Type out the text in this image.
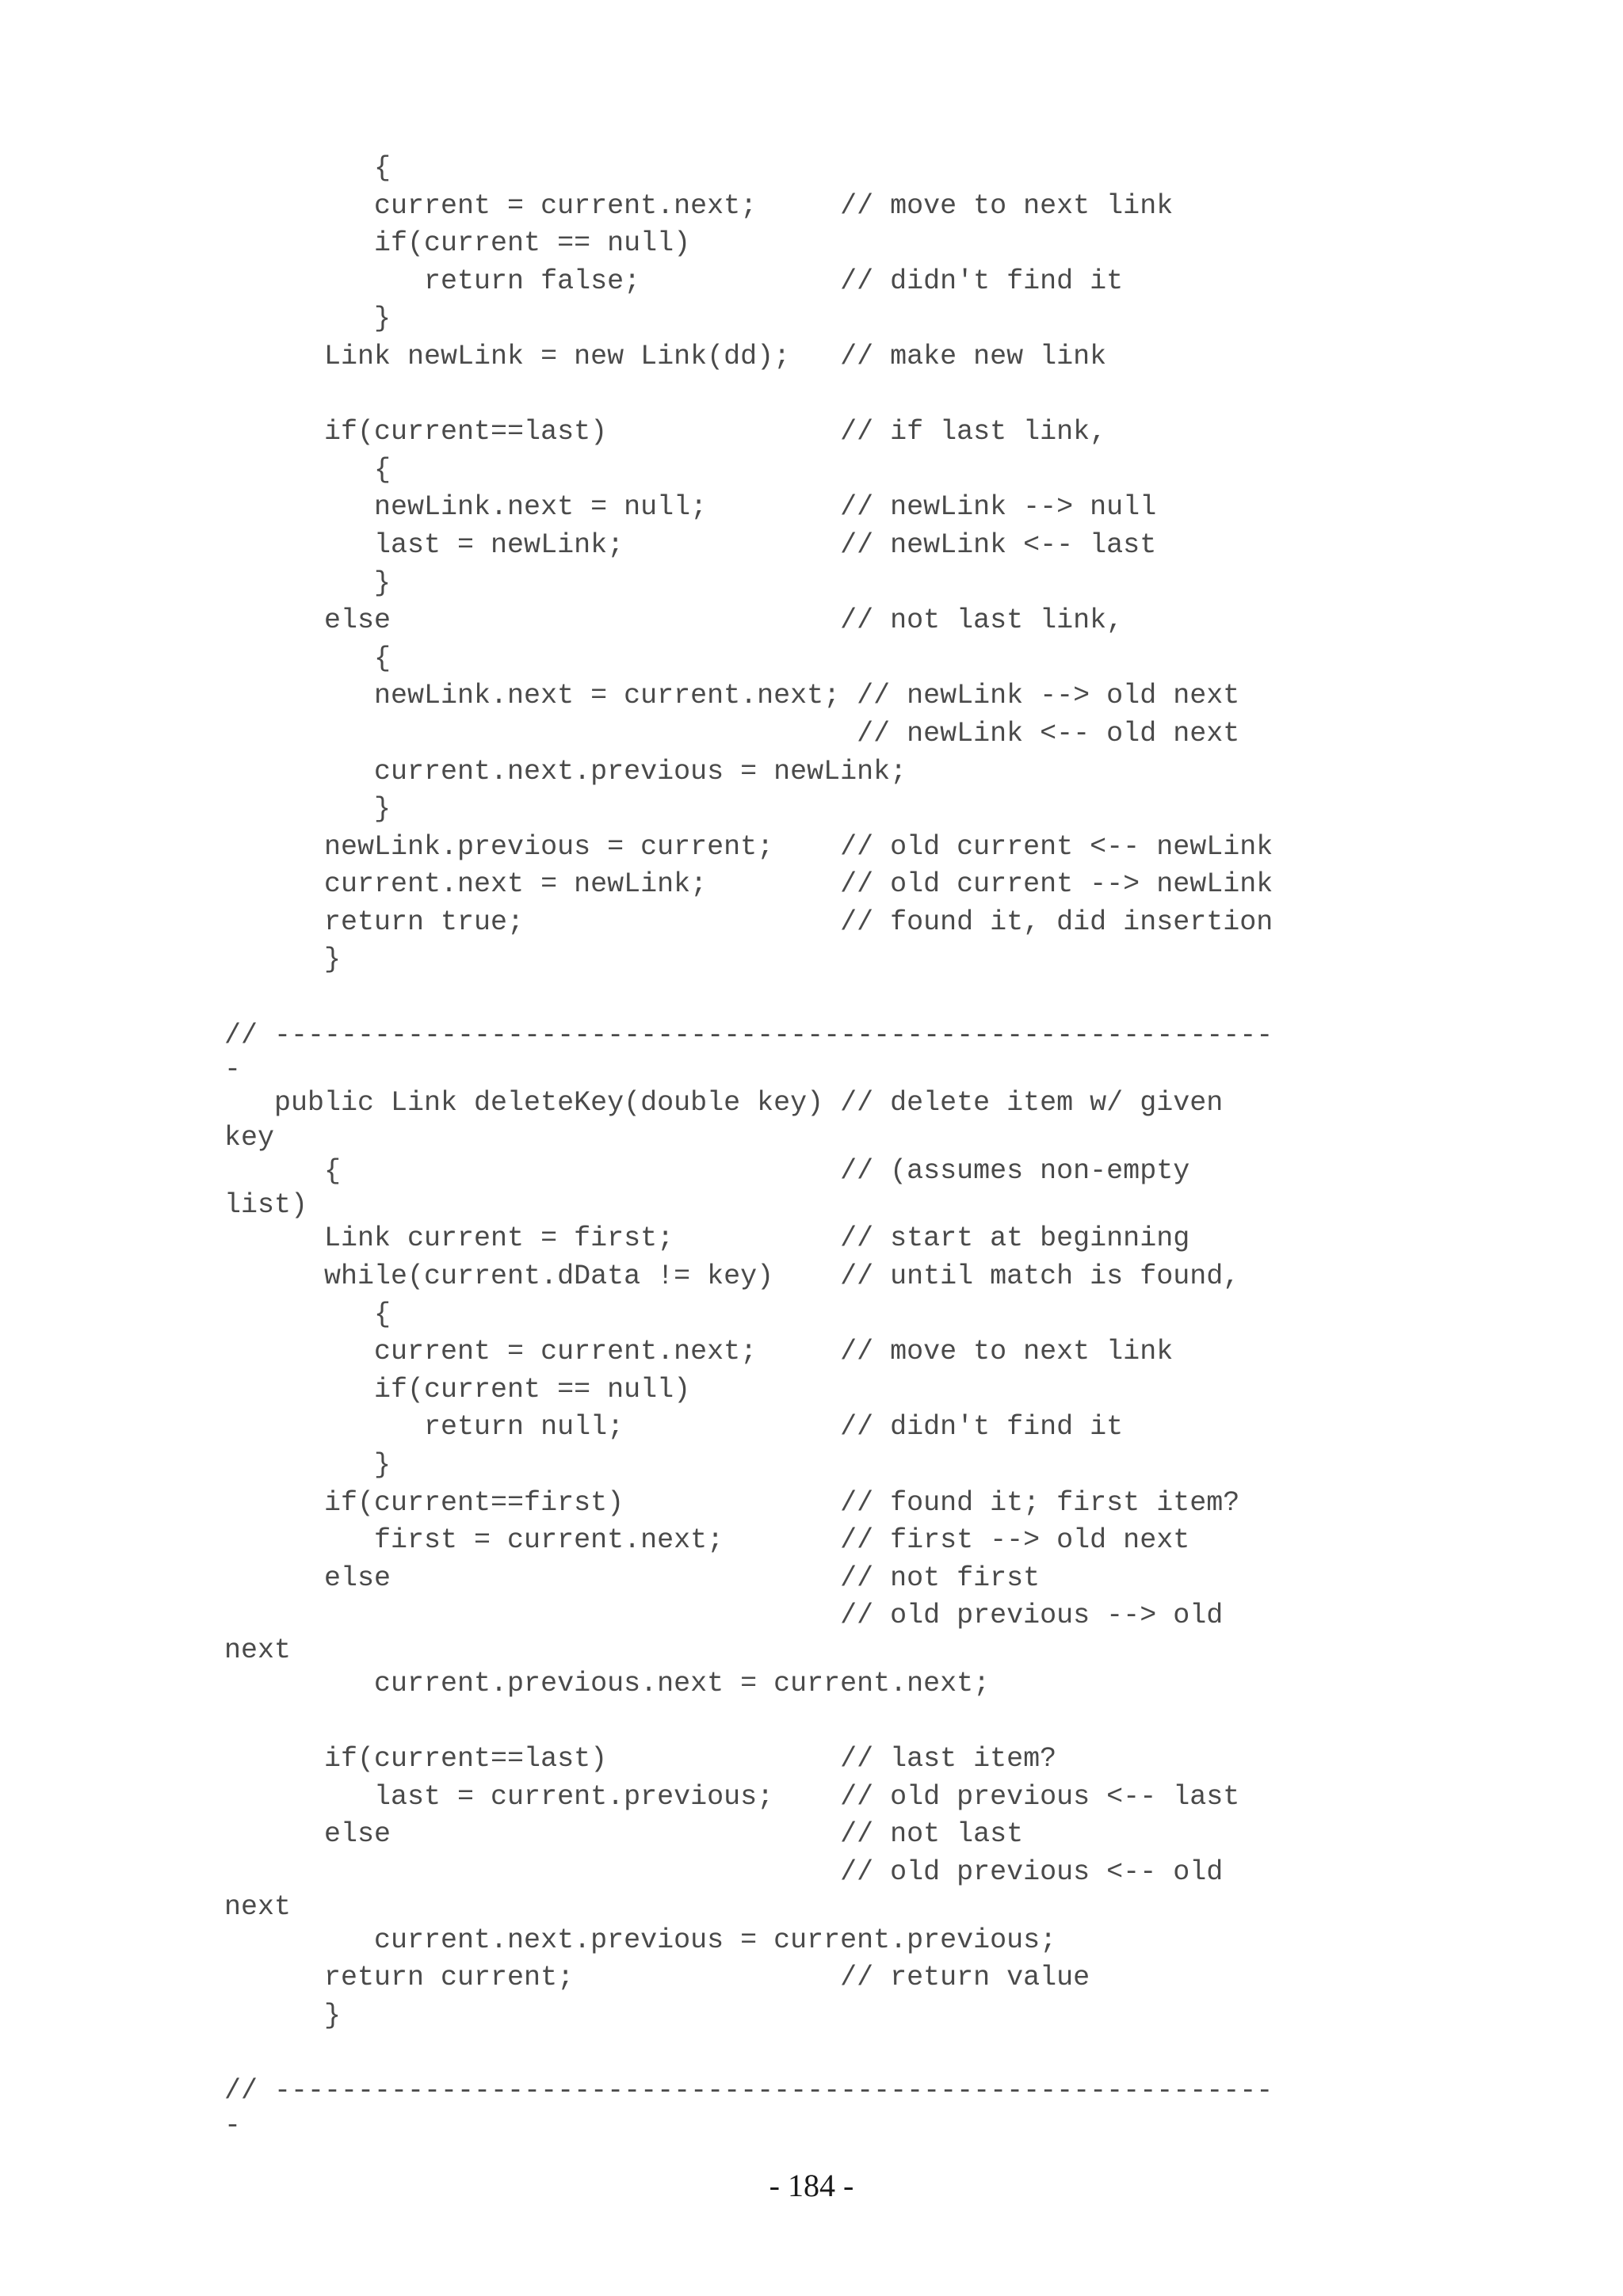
{
current = current.next;     // move to next link
if(current == null)
return false;            // didn't find it
}
Link newLink = new Link(dd);   // make new link

if(current==last)              // if last link,
{
newLink.next = null;        // newLink --> null
last = newLink;             // newLink <-- last
}
else                           // not last link,
{
newLink.next = current.next; // newLink --> old next
// newLink <-- old next
current.next.previous = newLink;
}
newLink.previous = current;    // old current <-- newLink
current.next = newLink;        // old current --> newLink
return true;                   // found it, did insertion
}

// ------------------------------------------------------------
-
public Link deleteKey(double key) // delete item w/ given
key
{                              // (assumes non-empty
list)
Link current = first;          // start at beginning
while(current.dData != key)    // until match is found,
{
current = current.next;     // move to next link
if(current == null)
return null;             // didn't find it
}
if(current==first)             // found it; first item?
first = current.next;       // first --> old next
else                           // not first
// old previous --> old
next
current.previous.next = current.next;

if(current==last)              // last item?
last = current.previous;    // old previous <-- last
else                           // not last
// old previous <-- old
next
current.next.previous = current.previous;
return current;                // return value
}

// ------------------------------------------------------------
-
- 184 -
